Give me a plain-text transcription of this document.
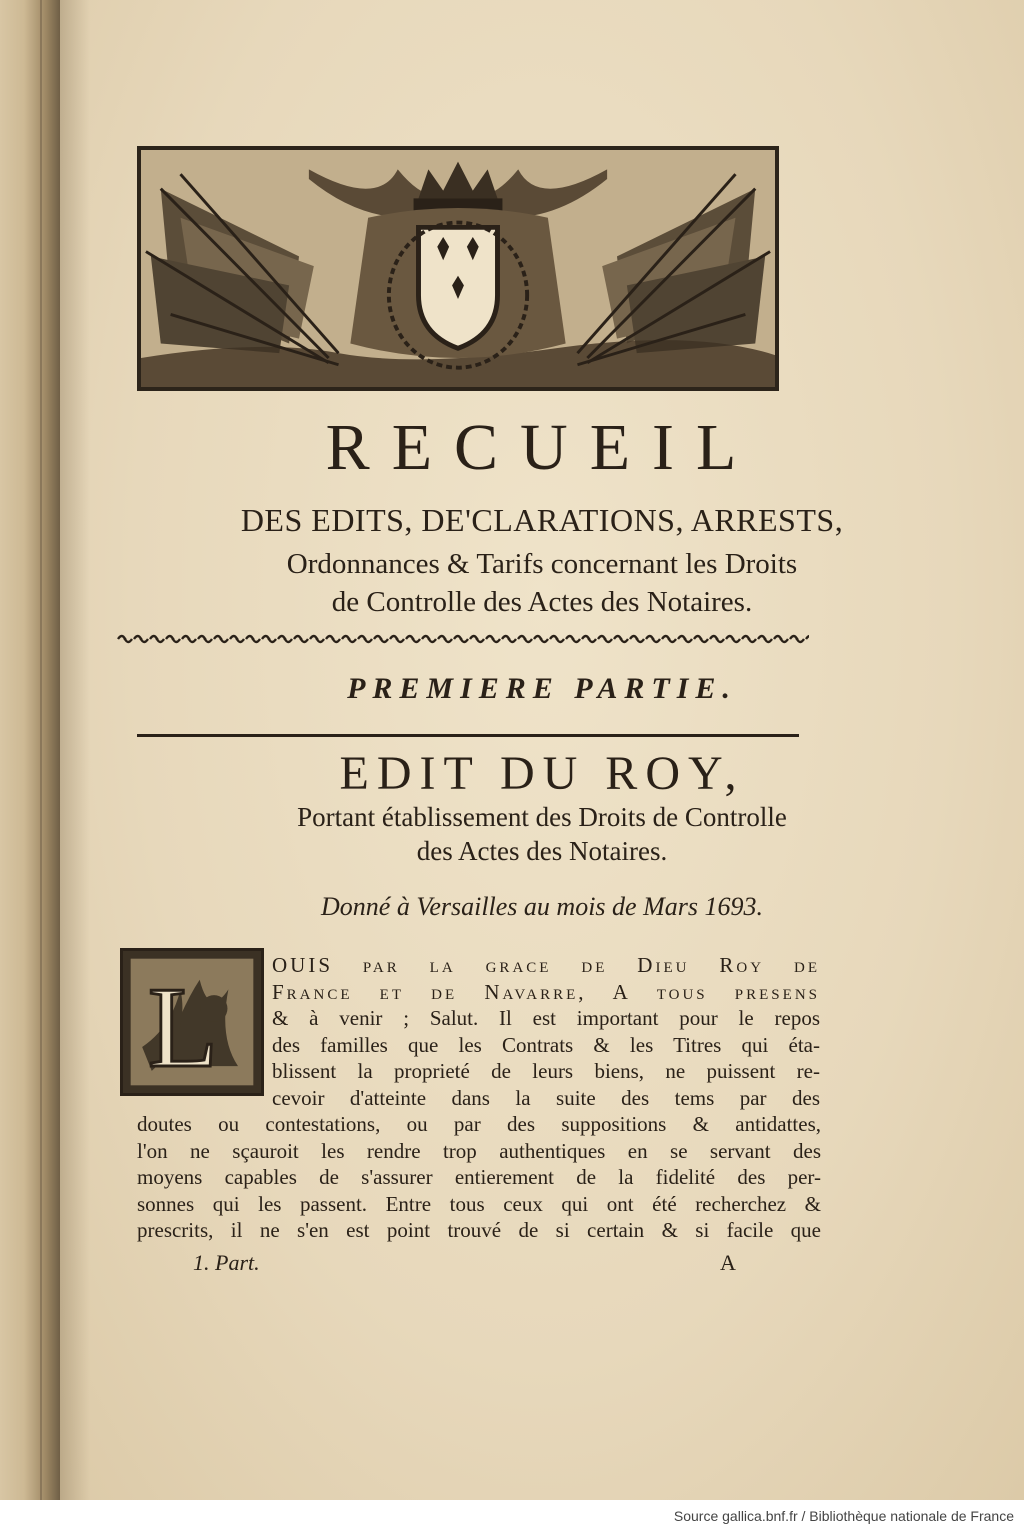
RECUEIL
DES EDITS, DE'CLARATIONS, ARRESTS,
Ordonnances & Tarifs concernant les Droits
de Controlle des Actes des Notaires.
PREMIERE PARTIE.
EDIT DU ROY,
Portant établissement des Droits de Controlle
des Actes des Notaires.
Donné à Versailles au mois de Mars 1693.
L	OUIS par la grace de Dieu Roy de
France et de Navarre, A tous presens
& à venir ; Salut. Il est important pour le repos
des familles que les Contrats & les Titres qui éta-
blissent la proprieté de leurs biens, ne puissent re-
cevoir d'atteinte dans la suite des tems par des
doutes ou contestations, ou par des suppositions & antidattes,
l'on ne sçauroit les rendre trop authentiques en se servant des
moyens capables de s'assurer entierement de la fidelité des per-
sonnes qui les passent. Entre tous ceux qui ont été recherchez &
prescrits, il ne s'en est point trouvé de si certain & si facile que
1. Part.	A
Source gallica.bnf.fr / Bibliothèque nationale de France
